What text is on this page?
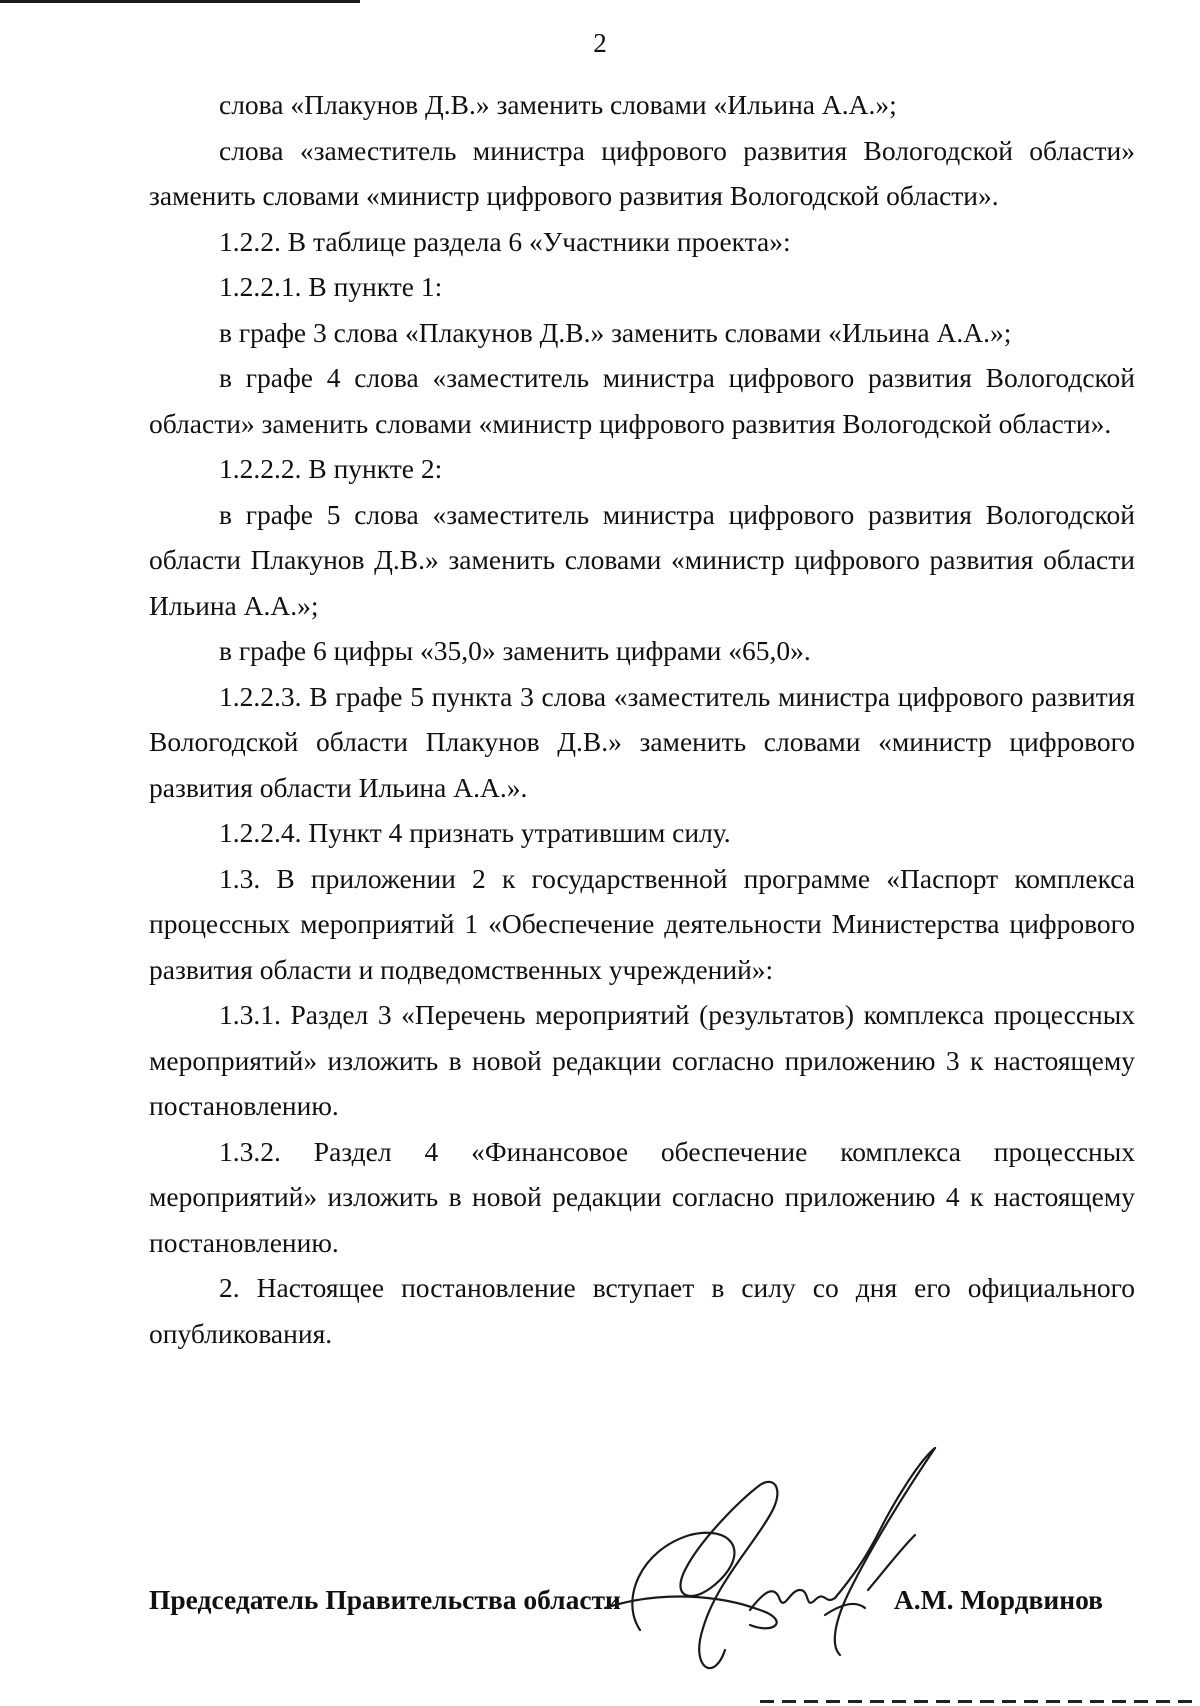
2

слова «Плакунов Д.В.» заменить словами «Ильина А.А.»;

слова «заместитель министра цифрового развития Вологодской области» заменить словами «министр цифрового развития Вологодской области».

1.2.2. В таблице раздела 6 «Участники проекта»:

1.2.2.1. В пункте 1:

в графе 3 слова «Плакунов Д.В.» заменить словами «Ильина А.А.»;

в графе 4 слова «заместитель министра цифрового развития Вологодской области» заменить словами «министр цифрового развития Вологодской области».

1.2.2.2. В пункте 2:

в графе 5 слова «заместитель министра цифрового развития Вологодской области Плакунов Д.В.» заменить словами «министр цифрового развития области Ильина А.А.»;

в графе 6 цифры «35,0» заменить цифрами «65,0».

1.2.2.3. В графе 5 пункта 3 слова «заместитель министра цифрового развития Вологодской области Плакунов Д.В.» заменить словами «министр цифрового развития области Ильина А.А.».

1.2.2.4. Пункт 4 признать утратившим силу.

1.3. В приложении 2 к государственной программе «Паспорт комплекса процессных мероприятий 1 «Обеспечение деятельности Министерства цифрового развития области и подведомственных учреждений»:

1.3.1. Раздел 3 «Перечень мероприятий (результатов) комплекса процессных мероприятий» изложить в новой редакции согласно приложению 3 к настоящему постановлению.

1.3.2. Раздел 4 «Финансовое обеспечение комплекса процессных мероприятий» изложить в новой редакции согласно приложению 4 к настоящему постановлению.

2. Настоящее постановление вступает в силу со дня его официального опубликования.

Председатель Правительства области	А.М. Мордвинов
